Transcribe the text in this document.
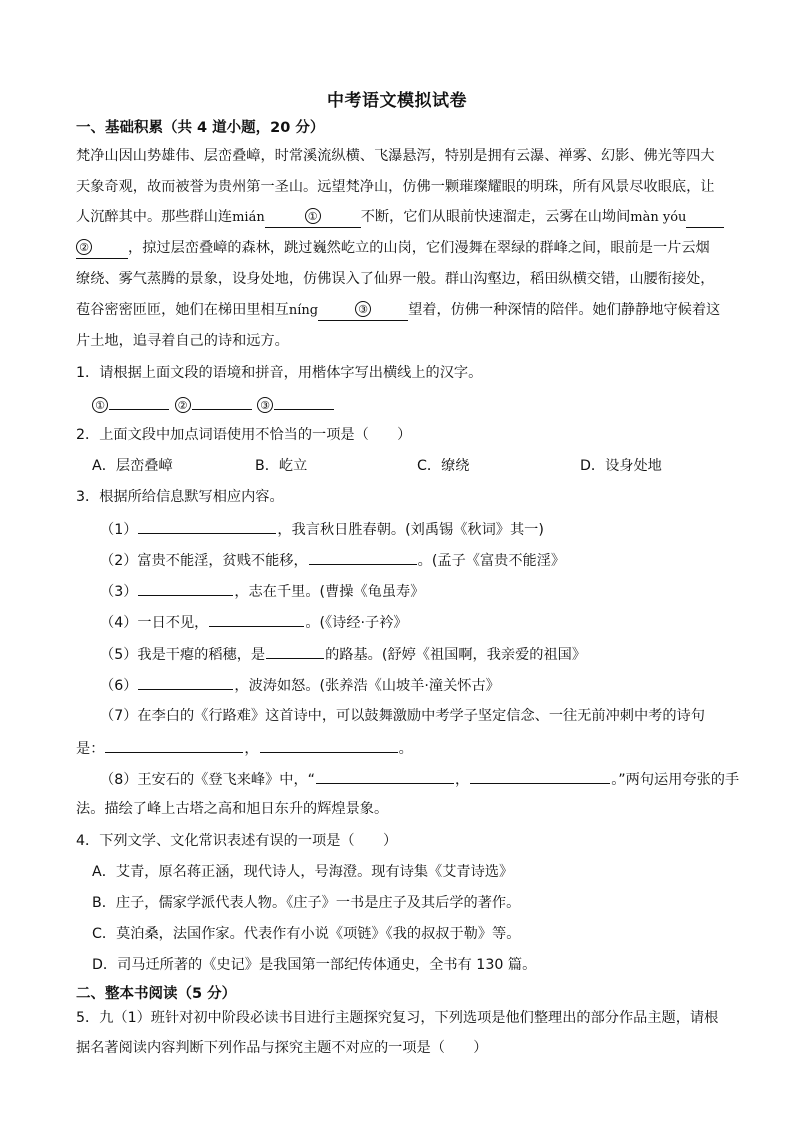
中考语文模拟试卷
一、基础积累（共 4 道小题，20 分）
梵净山因山势雄伟、层峦叠嶂，时常溪流纵横、飞瀑悬泻，特别是拥有云瀑、禅雾、幻影、佛光等四大
天象奇观，故而被誉为贵州第一圣山。远望梵净山，仿佛一颗璀璨耀眼的明珠，所有风景尽收眼底，让
人沉醉其中。那些群山连mián	①	不断，它们从眼前快速溜走，云雾在山坳间màn yóu
②	，掠过层峦叠嶂的森林，跳过巍然屹立的山岗，它们漫舞在翠绿的群峰之间，眼前是一片云烟
缭绕、雾气蒸腾的景象，设身处地，仿佛误入了仙界一般。群山沟壑边，稻田纵横交错，山腰衔接处，
苞谷密密匝匝，她们在梯田里相互níng	③	望着，仿佛一种深情的陪伴。她们静静地守候着这
片土地，追寻着自己的诗和远方。
1．请根据上面文段的语境和拼音，用楷体字写出横线上的汉字。
①	②	③
2．上面文段中加点词语使用不恰当的一项是（　　）
A．层峦叠嶂	B．屹立	C．缭绕	D．设身处地
3．根据所给信息默写相应内容。
（1）	，我言秋日胜春朝。(刘禹锡《秋词》其一)
（2）富贵不能淫，贫贱不能移，	。(孟子《富贵不能淫》
（3）	，志在千里。(曹操《龟虽寿》
（4）一日不见，	。(《诗经·子衿》
（5）我是干瘪的稻穗，是	的路基。(舒婷《祖国啊，我亲爱的祖国》
（6）	，波涛如怒。(张养浩《山坡羊·潼关怀古》
（7）在李白的《行路难》这首诗中，可以鼓舞激励中考学子坚定信念、一往无前冲刺中考的诗句
是：	，	。
（8）王安石的《登飞来峰》中，“	，	。”两句运用夸张的手
法。描绘了峰上古塔之高和旭日东升的辉煌景象。
4．下列文学、文化常识表述有误的一项是（　　）
A．艾青，原名蒋正涵，现代诗人，号海澄。现有诗集《艾青诗选》
B．庄子，儒家学派代表人物。《庄子》一书是庄子及其后学的著作。
C．莫泊桑，法国作家。代表作有小说《项链》《我的叔叔于勒》等。
D．司马迁所著的《史记》是我国第一部纪传体通史，全书有 130 篇。
二、整本书阅读（5 分）
5．九（1）班针对初中阶段必读书目进行主题探究复习，下列选项是他们整理出的部分作品主题，请根
据名著阅读内容判断下列作品与探究主题不对应的一项是（　　）
